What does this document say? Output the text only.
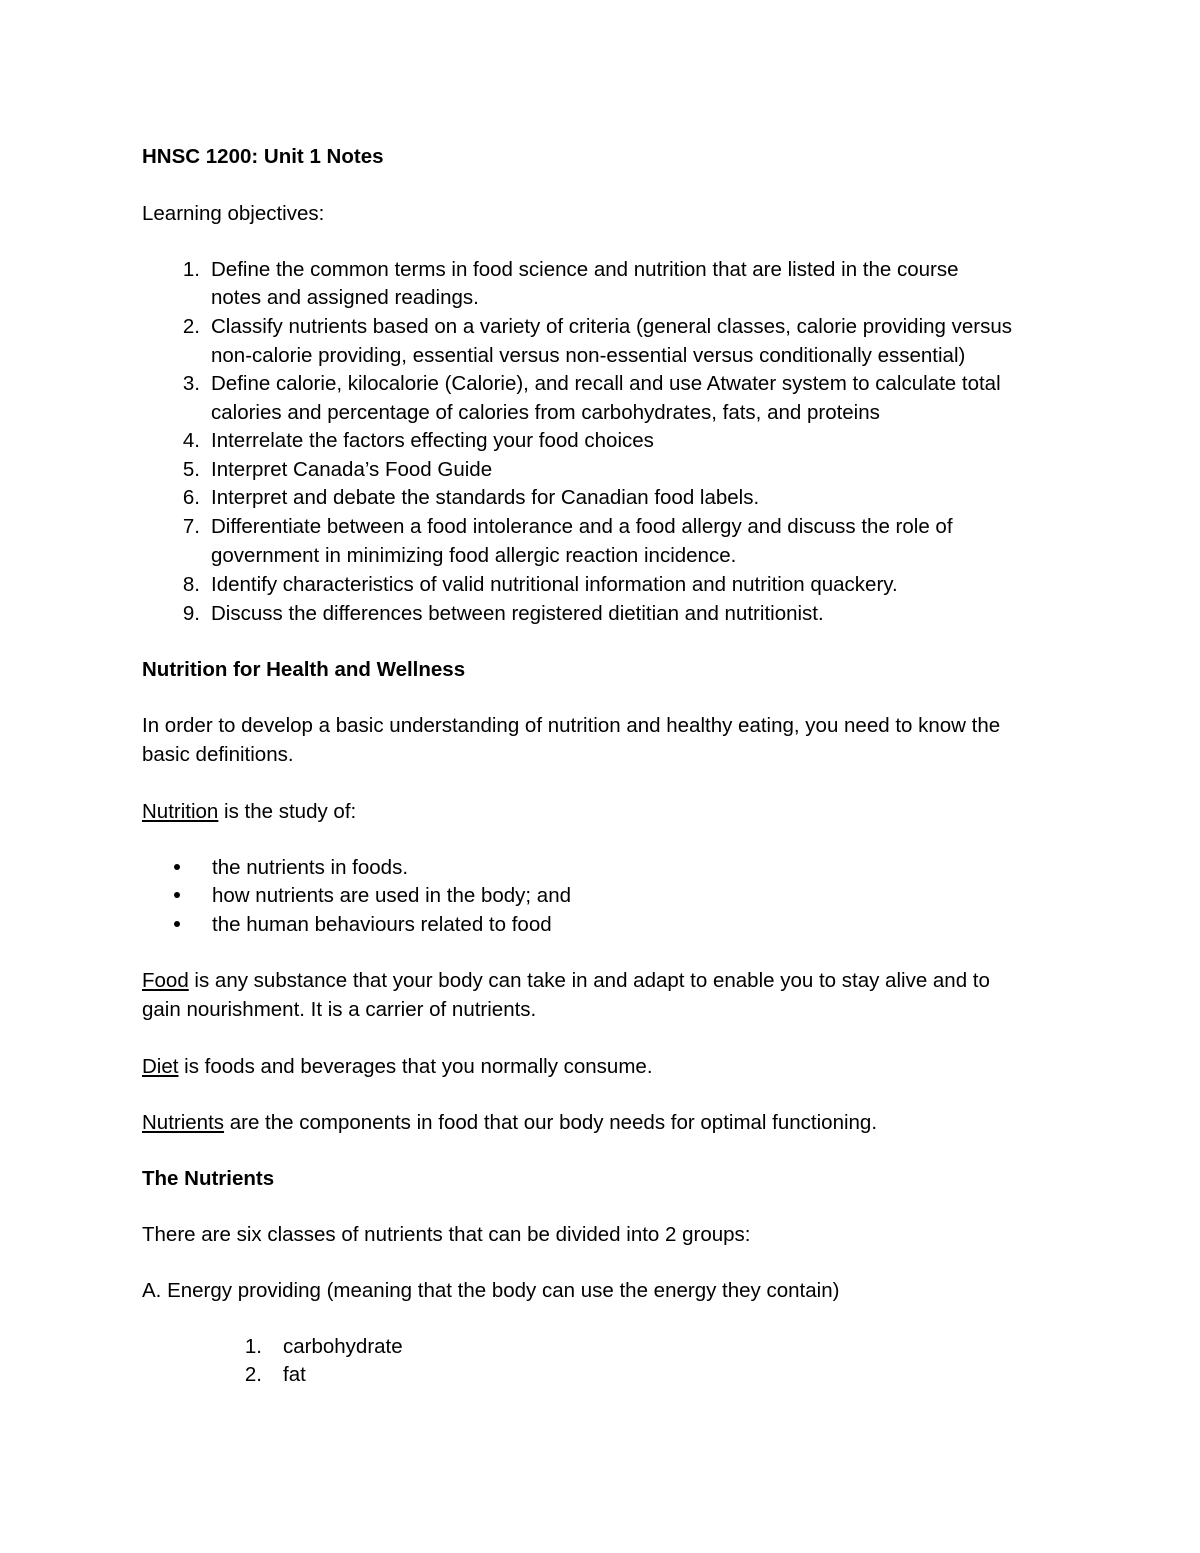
HNSC 1200: Unit 1 Notes
Learning objectives:
1. Define the common terms in food science and nutrition that are listed in the course
notes and assigned readings.
2. Classify nutrients based on a variety of criteria (general classes, calorie providing versus
non-calorie providing, essential versus non-essential versus conditionally essential)
3. Define calorie, kilocalorie (Calorie), and recall and use Atwater system to calculate total
calories and percentage of calories from carbohydrates, fats, and proteins
4. Interrelate the factors effecting your food choices
5. Interpret Canada’s Food Guide
6. Interpret and debate the standards for Canadian food labels.
7. Differentiate between a food intolerance and a food allergy and discuss the role of
government in minimizing food allergic reaction incidence.
8. Identify characteristics of valid nutritional information and nutrition quackery.
9. Discuss the differences between registered dietitian and nutritionist.
Nutrition for Health and Wellness
In order to develop a basic understanding of nutrition and healthy eating, you need to know the
basic definitions.
Nutrition is the study of:
the nutrients in foods.
how nutrients are used in the body; and
the human behaviours related to food
Food is any substance that your body can take in and adapt to enable you to stay alive and to
gain nourishment. It is a carrier of nutrients.
Diet is foods and beverages that you normally consume.
Nutrients are the components in food that our body needs for optimal functioning.
The Nutrients
There are six classes of nutrients that can be divided into 2 groups:
A. Energy providing (meaning that the body can use the energy they contain)
1. carbohydrate
2. fat
